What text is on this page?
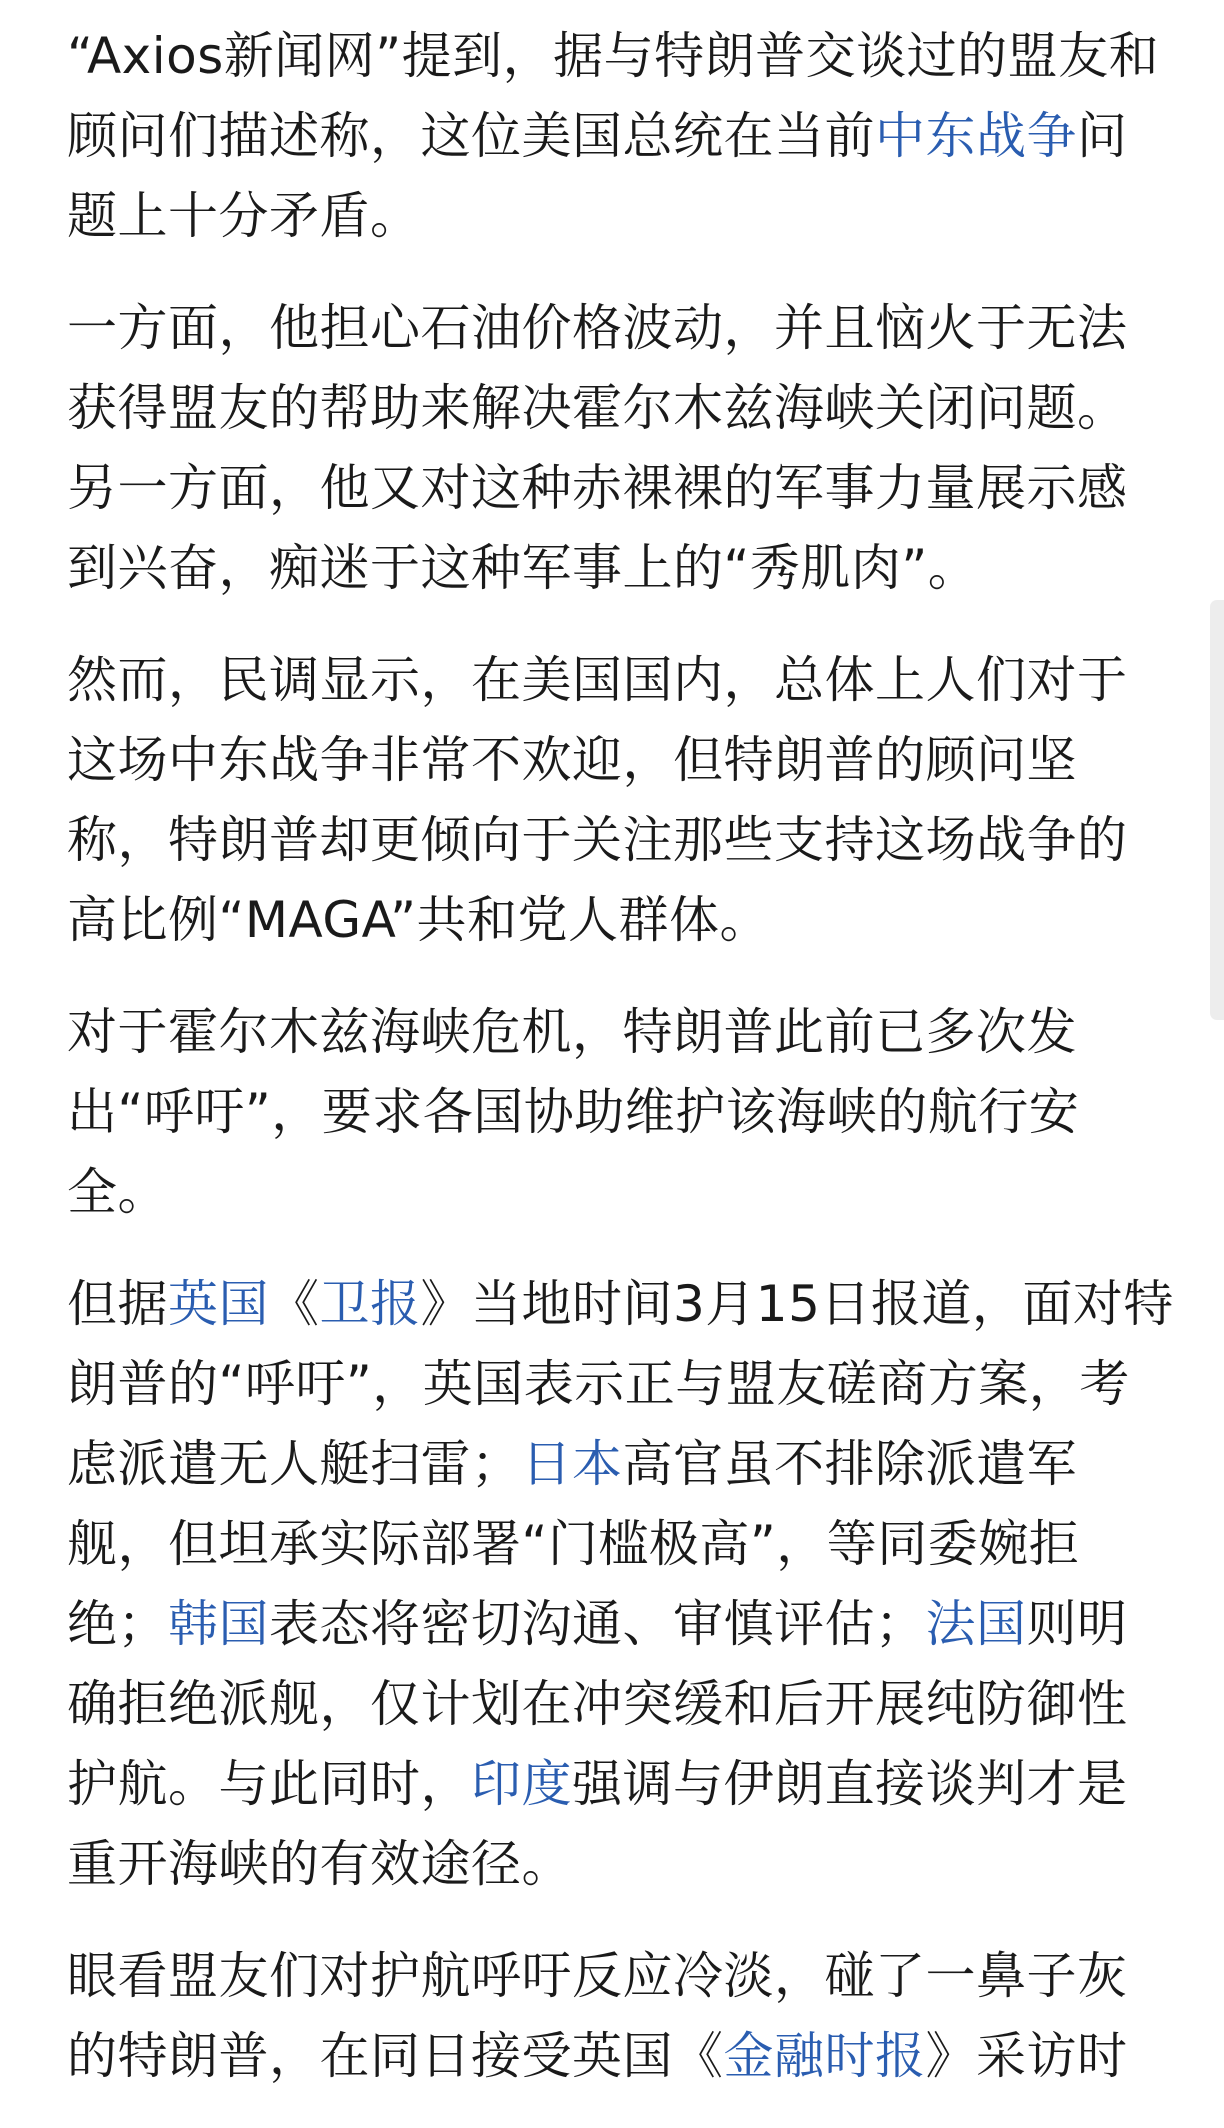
“Axios新闻网”提到，据与特朗普交谈过的盟友和顾问们描述称，这位美国总统在当前中东战争问题上十分矛盾。

一方面，他担心石油价格波动，并且恼火于无法获得盟友的帮助来解决霍尔木兹海峡关闭问题。另一方面，他又对这种赤裸裸的军事力量展示感到兴奋，痴迷于这种军事上的“秀肌肉”。

然而，民调显示，在美国国内，总体上人们对于这场中东战争非常不欢迎，但特朗普的顾问坚称，特朗普却更倾向于关注那些支持这场战争的高比例“MAGA”共和党人群体。

对于霍尔木兹海峡危机，特朗普此前已多次发出“呼吁”，要求各国协助维护该海峡的航行安全。

但据英国《卫报》当地时间3月15日报道，面对特朗普的“呼吁”，英国表示正与盟友磋商方案，考虑派遣无人艇扫雷；日本高官虽不排除派遣军舰，但坦承实际部署“门槛极高”，等同委婉拒绝；韩国表态将密切沟通、审慎评估；法国则明确拒绝派舰，仅计划在冲突缓和后开展纯防御性护航。与此同时，印度强调与伊朗直接谈判才是重开海峡的有效途径。

眼看盟友们对护航呼吁反应冷淡，碰了一鼻子灰的特朗普，在同日接受英国《金融时报》采访时
